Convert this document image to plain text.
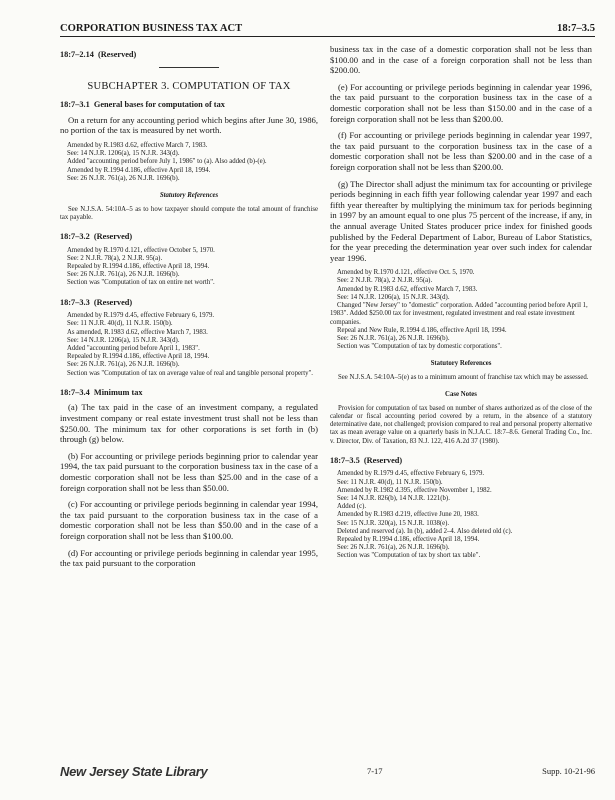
CORPORATION BUSINESS TAX ACT	18:7–3.5
18:7–2.14 (Reserved)
SUBCHAPTER 3. COMPUTATION OF TAX
18:7–3.1 General bases for computation of tax

On a return for any accounting period which begins after June 30, 1986, no portion of the tax is measured by net worth.

Amended by R.1983 d.62, effective March 7, 1983.
See: 14 N.J.R. 1206(a), 15 N.J.R. 343(d).
Added "accounting period before July 1, 1986" to (a). Also added (b)-(e).
Amended by R.1994 d.186, effective April 18, 1994.
See: 26 N.J.R. 761(a), 26 N.J.R. 1696(b).
Statutory References

See N.J.S.A. 54:10A–5 as to how taxpayer should compute the total amount of franchise tax payable.

18:7–3.2 (Reserved)
Amended by R.1970 d.121, effective October 5, 1970.
See: 2 N.J.R. 78(a), 2 N.J.R. 95(a).
Repealed by R.1994 d.186, effective April 18, 1994.
See: 26 N.J.R. 761(a), 26 N.J.R. 1696(b).
Section was "Computation of tax on entire net worth".
18:7–3.3 (Reserved)
Amended by R.1979 d.45, effective February 6, 1979.
See: 11 N.J.R. 40(d), 11 N.J.R. 150(b).
As amended, R.1983 d.62, effective March 7, 1983.
See: 14 N.J.R. 1206(a), 15 N.J.R. 343(d).
Added "accounting period before April 1, 1983".
Repealed by R.1994 d.186, effective April 18, 1994.
See: 26 N.J.R. 761(a), 26 N.J.R. 1696(b).
Section was "Computation of tax on average value of real and tangible personal property".
18:7–3.4 Minimum tax

(a) The tax paid in the case of an investment company, a regulated investment company or real estate investment trust shall not be less than $250.00. The minimum tax for other corporations is set forth in (b) through (g) below.

(b) For accounting or privilege periods beginning prior to calendar year 1994, the tax paid pursuant to the corporation business tax in the case of a domestic corporation shall not be less than $25.00 and in the case of a foreign corporation shall not be less than $50.00.

(c) For accounting or privilege periods beginning in calendar year 1994, the tax paid pursuant to the corporation business tax in the case of a domestic corporation shall not be less than $50.00 and in the case of a foreign corporation shall not be less than $100.00.

(d) For accounting or privilege periods beginning in calendar year 1995, the tax paid pursuant to the corporation

business tax in the case of a domestic corporation shall not be less than $100.00 and in the case of a foreign corporation shall not be less than $200.00.

(e) For accounting or privilege periods beginning in calendar year 1996, the tax paid pursuant to the corporation business tax in the case of a domestic corporation shall not be less than $150.00 and in the case of a foreign corporation shall not be less than $200.00.

(f) For accounting or privilege periods beginning in calendar year 1997, the tax paid pursuant to the corporation business tax in the case of a domestic corporation shall not be less than $200.00 and in the case of a foreign corporation shall not be less than $200.00.

(g) The Director shall adjust the minimum tax for accounting or privilege periods beginning in each fifth year following calendar year 1997 and each fifth year thereafter by multiplying the minimum tax for periods beginning in 1997 by an amount equal to one plus 75 percent of the increase, if any, in the annual average United States producer price index for finished goods published by the Federal Department of Labor, Bureau of Labor Statistics, for the year preceding the determination year over such index for calendar year 1996.

Amended by R.1970 d.121, effective Oct. 5, 1970.
See: 2 N.J.R. 78(a), 2 N.J.R. 95(a).
Amended by R.1983 d.62, effective March 7, 1983.
See: 14 N.J.R. 1206(a), 15 N.J.R. 343(d).
Changed "New Jersey" to "domestic" corporation. Added "accounting period before April 1, 1983". Added $250.00 tax for investment, regulated investment and real estate investment companies.
Repeal and New Rule, R.1994 d.186, effective April 18, 1994.
See: 26 N.J.R. 761(a), 26 N.J.R. 1696(b).
Section was "Computation of tax by domestic corporations".
Statutory References

See N.J.S.A. 54:10A–5(e) as to a minimum amount of franchise tax which may be assessed.

Case Notes

Provision for computation of tax based on number of shares authorized as of the close of the calendar or fiscal accounting period covered by a return, in the absence of a statutory determinative date, not challenged; provision compared to real and personal property alternative tax as mean average value on a quarterly basis in N.J.A.C. 18:7–8.6. General Trading Co., Inc. v. Director, Div. of Taxation, 83 N.J. 122, 416 A.2d 37 (1980).

18:7–3.5 (Reserved)
Amended by R.1979 d.45, effective February 6, 1979.
See: 11 N.J.R. 40(d), 11 N.J.R. 150(b).
Amended by R.1982 d.395, effective November 1, 1982.
See: 14 N.J.R. 826(b), 14 N.J.R. 1221(b).
Added (c).
Amended by R.1983 d.219, effective June 20, 1983.
See: 15 N.J.R. 320(a), 15 N.J.R. 1038(e).
Deleted and reserved (a). In (b), added 2–4. Also deleted old (c).
Repealed by R.1994 d.186, effective April 18, 1994.
See: 26 N.J.R. 761(a), 26 N.J.R. 1696(b).
Section was "Computation of tax by short tax table".
New Jersey State Library	7-17	Supp. 10-21-96
